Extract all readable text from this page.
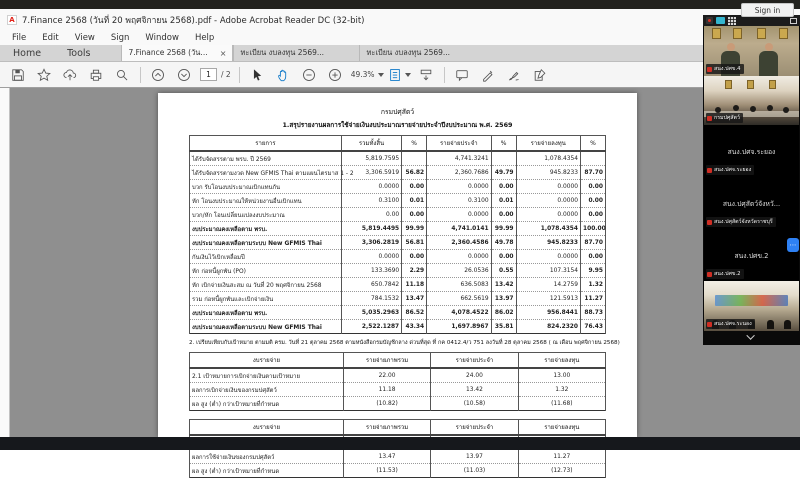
A 7.Finance 2568 (วันที่ 20 พฤศจิกายน 2568).pdf - Adobe Acrobat Reader DC (32-bit)
Sign in
File	Edit	View	Sign	Window	Help
Home	Tools	7.Finance 2568 (วัน...	× ทะเบียน งบลงทุน 2569...	ทะเบียน งบลงทุน 2569...
1	/ 2	49.3%
กรมปศุสัตว์
1.สรุปรายงานผลการใช้จ่ายเงินงบประมาณรายจ่ายประจำปีงบประมาณ พ.ศ. 2569
รายการ	รวมทั้งสิ้น	%	รายจ่ายประจำ	%	รายจ่ายลงทุน	%
ได้รับจัดสรรตาม พรบ. ปี 2569	5,819.7595		4,741.3241		1,078.4354	
ได้รับจัดสรรตามงวด New GFMIS Thai ตามแผนไตรมาส 1 - 2	3,306.5919	56.82	2,360.7686	49.79	945.8233	87.70
บวก รับโอนงบประมาณเบิกแทนกัน	0.0000	0.00	0.0000	0.00	0.0000	0.00
หัก โอนงบประมาณให้หน่วยงานอื่นเบิกแทน	0.3100	0.01	0.3100	0.01	0.0000	0.00
บวก/หัก โอนเปลี่ยนแปลงงบประมาณ	0.00	0.00	0.0000	0.00	0.0000	0.00
งบประมาณคงเหลือตาม พรบ.	5,819.4495	99.99	4,741.0141	99.99	1,078.4354	100.00
งบประมาณคงเหลือตามระบบ New GFMIS Thai	3,306.2819	56.81	2,360.4586	49.78	945.8233	87.70
กันเงินไว้เบิกเหลื่อมปี	0.0000	0.00	0.0000	0.00	0.0000	0.00
หัก ก่อหนี้ผูกพัน (PO)	133.3690	2.29	26.0536	0.55	107.3154	9.95
หัก เบิกจ่ายเงินสะสม ณ วันที่ 20 พฤศจิกายน 2568	650.7842	11.18	636.5083	13.42	14.2759	1.32
รวม ก่อหนี้ผูกพันและเบิกจ่ายเงิน	784.1532	13.47	662.5619	13.97	121.5913	11.27
งบประมาณคงเหลือตาม พรบ.	5,035.2963	86.52	4,078.4522	86.02	956.8441	88.73
งบประมาณคงเหลือตามระบบ New GFMIS Thai	2,522.1287	43.34	1,697.8967	35.81	824.2320	76.43
2. เปรียบเทียบกับเป้าหมาย ตามมติ ครม. วันที่ 21 ตุลาคม 2568 ตามหนังสือกรมบัญชีกลาง ด่วนที่สุด ที่ กค 0412.4/ว 751 ลงวันที่ 28 ตุลาคม 2568 ( ณ เดือน พฤศจิกายน 2568)
งบรายจ่าย	รายจ่ายภาพรวม	รายจ่ายประจำ	รายจ่ายลงทุน
2.1 เป้าหมายการเบิกจ่ายเงินตามเป้าหมาย	22.00	24.00	13.00
ผลการเบิกจ่ายเงินของกรมปศุสัตว์	11.18	13.42	1.32
ผล สูง (ต่ำ) กว่าเป้าหมายที่กำหนด	(10.82)	(10.58)	(11.68)
งบรายจ่าย	รายจ่ายภาพรวม	รายจ่ายประจำ	รายจ่ายลงทุน

ผลการใช้จ่ายเงินของกรมปศุสัตว์	13.47	13.97	11.27
ผล สูง (ต่ำ) กว่าเป้าหมายที่กำหนด	(11.53)	(11.03)	(12.73)
สนง.ปศข.4
กรมปศุสัตว์
สนง.ปศจ.ระยอง
สนง.ปศจ.ระยอง
สนง.ปศุสัตว์จังหวั...
สนง.ปศุสัตว์จังหวัดราชบุรี
สนง.ปศข.2
สนง.ปศข.2
สนง.ปศจ.ระนอง
⋯
